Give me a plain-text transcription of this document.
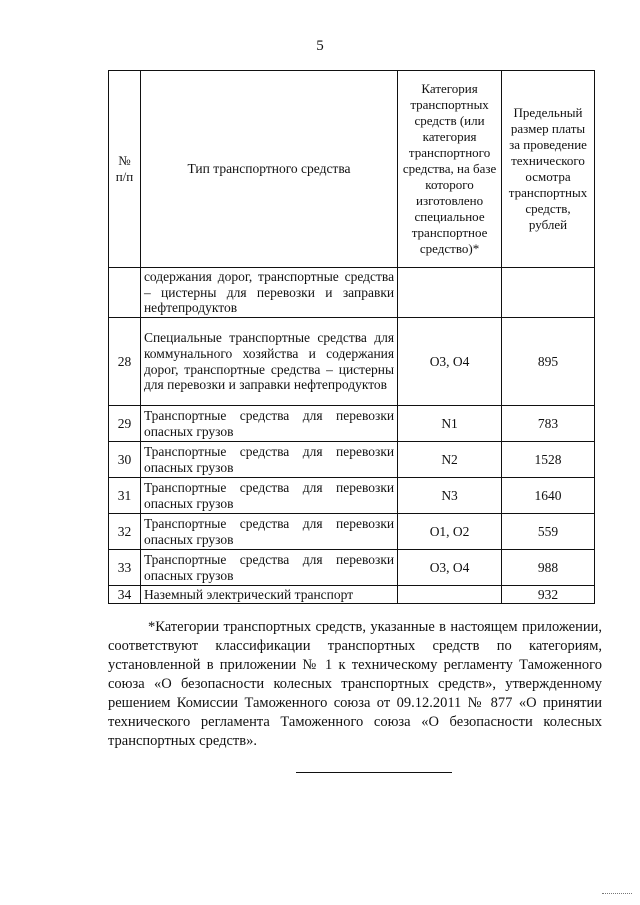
5
№ п/п	Тип транспортного средства	Категория транспортных средств (или категория транспортного средства, на базе которого изготовлено специальное транспортное средство)*	Предельный размер платы за проведение технического осмотра транспортных средств, рублей
	содержания дорог, транспортные средства – цистерны для перевозки и заправки нефтепродуктов		
28	Специальные транспортные средства для коммунального хозяйства и содержания дорог, транспортные средства – цистерны для перевозки и заправки нефтепродуктов	O3, O4	895
29	Транспортные средства для перевозки опасных грузов	N1	783
30	Транспортные средства для перевозки опасных грузов	N2	1528
31	Транспортные средства для перевозки опасных грузов	N3	1640
32	Транспортные средства для перевозки опасных грузов	O1, O2	559
33	Транспортные средства для перевозки опасных грузов	O3, O4	988
34	Наземный электрический транспорт		932

*Категории транспортных средств, указанные в настоящем приложении, соответствуют классификации транспортных средств по категориям, установленной в приложении № 1 к техническому регламенту Таможенного союза «О безопасности колесных транспортных средств», утвержденному решением Комиссии Таможенного союза от 09.12.2011 № 877 «О принятии технического регламента Таможенного союза «О безопасности колесных транспортных средств».
